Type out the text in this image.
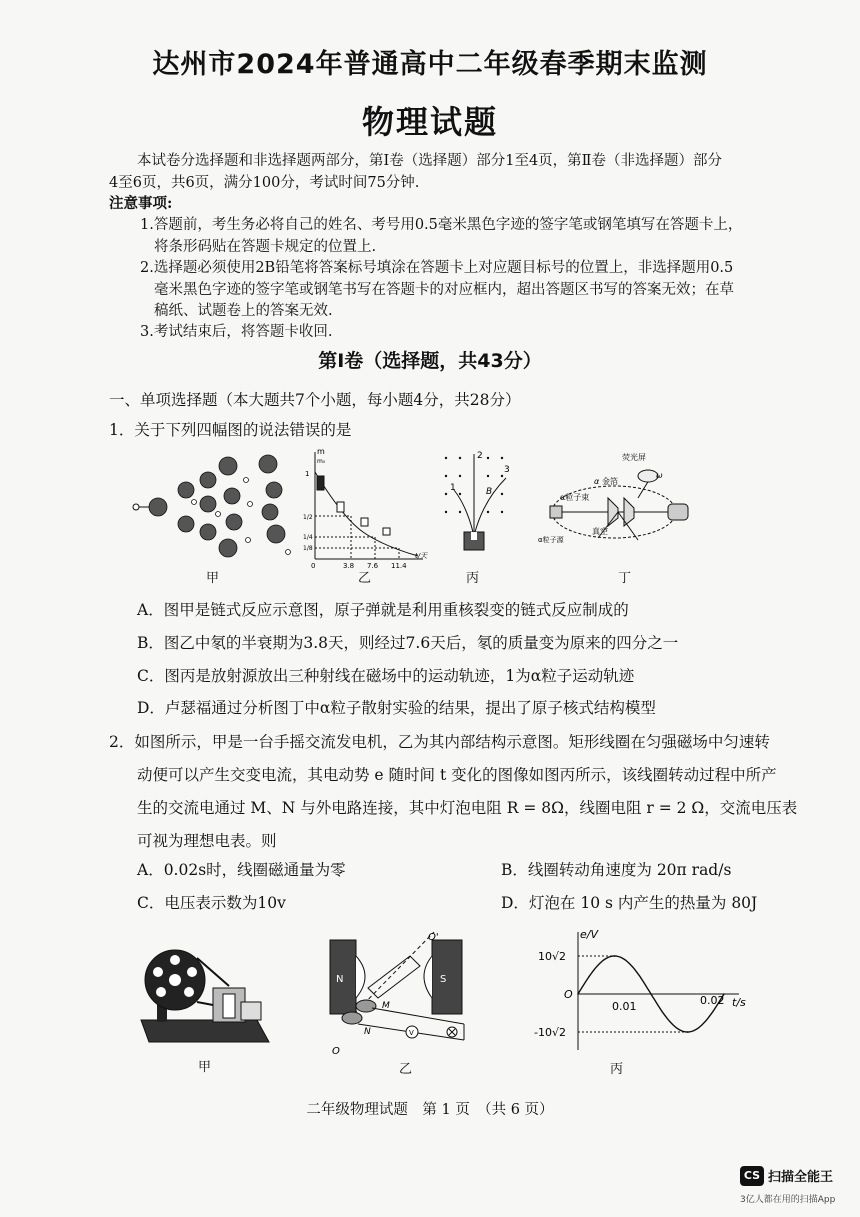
达州市2024年普通高中二年级春季期末监测
物理试题
本试卷分选择题和非选择题两部分，第Ⅰ卷（选择题）部分1至4页，第Ⅱ卷（非选择题）部分
4至6页，共6页，满分100分，考试时间75分钟.
注意事项:
1.答题前，考生务必将自己的姓名、考号用0.5毫米黑色字迹的签字笔或钢笔填写在答题卡上，
将条形码贴在答题卡规定的位置上.
2.选择题必须使用2B铅笔将答案标号填涂在答题卡上对应题目标号的位置上，非选择题用0.5
毫米黑色字迹的签字笔或钢笔书写在答题卡的对应框内，超出答题区书写的答案无效；在草
稿纸、试题卷上的答案无效.
3.考试结束后，将答题卡收回.
第Ⅰ卷（选择题，共43分）
一、单项选择题（本大题共7个小题，每小题4分，共28分）
1．关于下列四幅图的说法错误的是
甲
m
m₀
1
1/2
1/4
1/8
0	3.8 7.6 11.4
t/天
乙
1
2
3
B
丙
荧光屏
金箔
α
α粒子束
真空
α粒子源
ω
丁
A．图甲是链式反应示意图，原子弹就是利用重核裂变的链式反应制成的
B．图乙中氡的半衰期为3.8天，则经过7.6天后，氡的质量变为原来的四分之一
C．图丙是放射源放出三种射线在磁场中的运动轨迹，1为α粒子运动轨迹
D．卢瑟福通过分析图丁中α粒子散射实验的结果，提出了原子核式结构模型
2．如图所示，甲是一台手摇交流发电机，乙为其内部结构示意图。矩形线圈在匀强磁场中匀速转
动便可以产生交变电流，其电动势 e 随时间 t 变化的图像如图丙所示，该线圈转动过程中所产
生的交流电通过 M、N 与外电路连接，其中灯泡电阻 R = 8Ω，线圈电阻 r = 2 Ω，交流电压表
可视为理想电表。则
A．0.02s时，线圈磁通量为零	B．线圈转动角速度为 20π rad/s
C．电压表示数为10v	D．灯泡在 10 s 内产生的热量为 80J
甲
N	S
O'
O
M
N	V
乙
e/V
10√2
-10√2
O
0.01	0.02 t/s
丙
二年级物理试题　第 1 页　（共 6 页）
CS 扫描全能王
3亿人都在用的扫描App
